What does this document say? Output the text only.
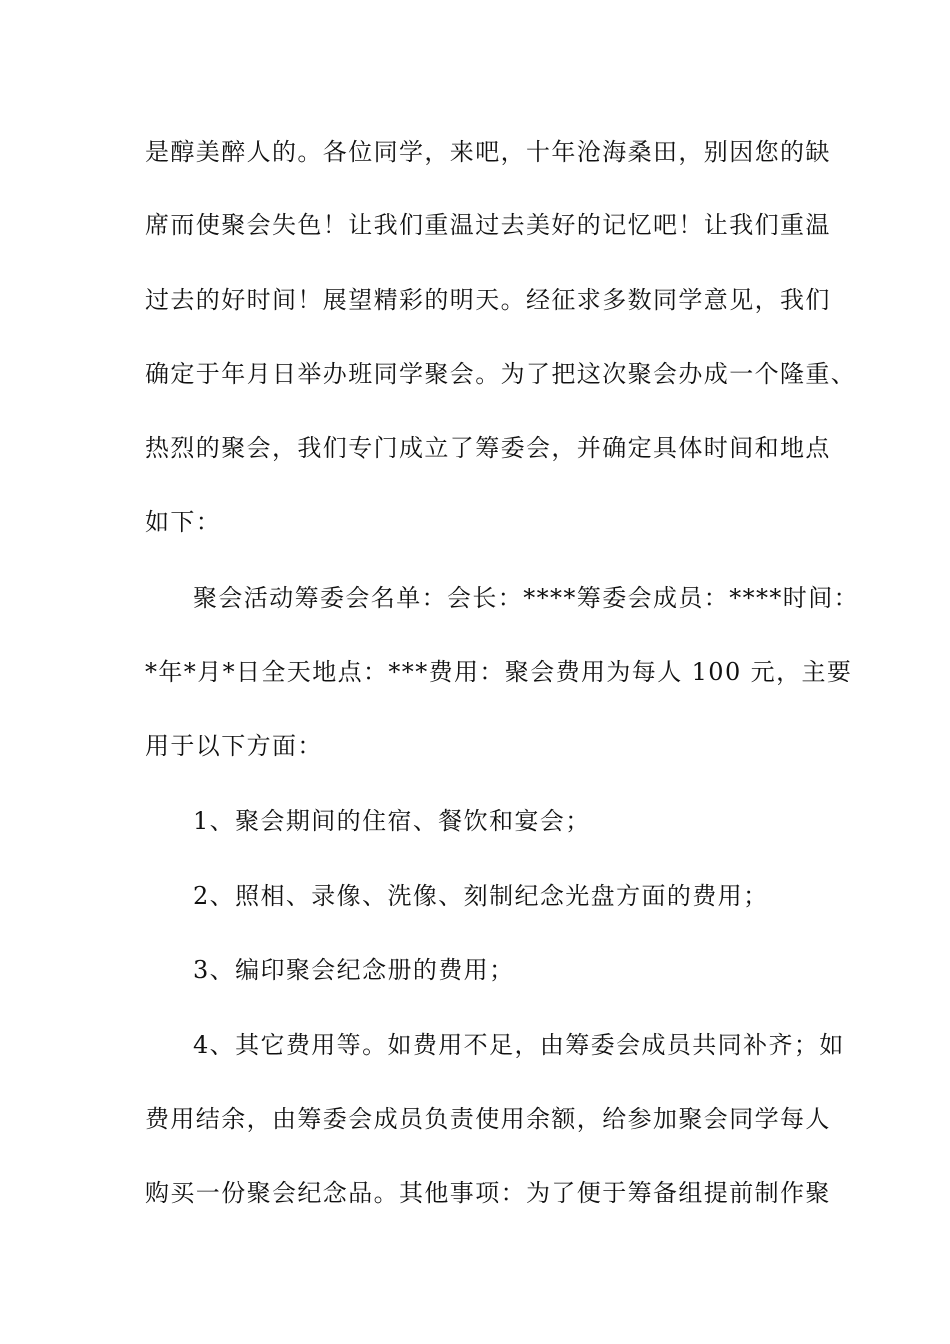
是醇美醉人的。各位同学，来吧，十年沧海桑田，别因您的缺
席而使聚会失色！让我们重温过去美好的记忆吧！让我们重温
过去的好时间！展望精彩的明天。经征求多数同学意见，我们
确定于年月日举办班同学聚会。为了把这次聚会办成一个隆重、
热烈的聚会，我们专门成立了筹委会，并确定具体时间和地点
如下：
聚会活动筹委会名单：会长：****筹委会成员：****时间：
*年*月*日全天地点：***费用：聚会费用为每人 100 元，主要
用于以下方面：
1、聚会期间的住宿、餐饮和宴会；
2、照相、录像、洗像、刻制纪念光盘方面的费用；
3、编印聚会纪念册的费用；
4、其它费用等。如费用不足，由筹委会成员共同补齐；如
费用结余，由筹委会成员负责使用余额，给参加聚会同学每人
购买一份聚会纪念品。其他事项：为了便于筹备组提前制作聚
